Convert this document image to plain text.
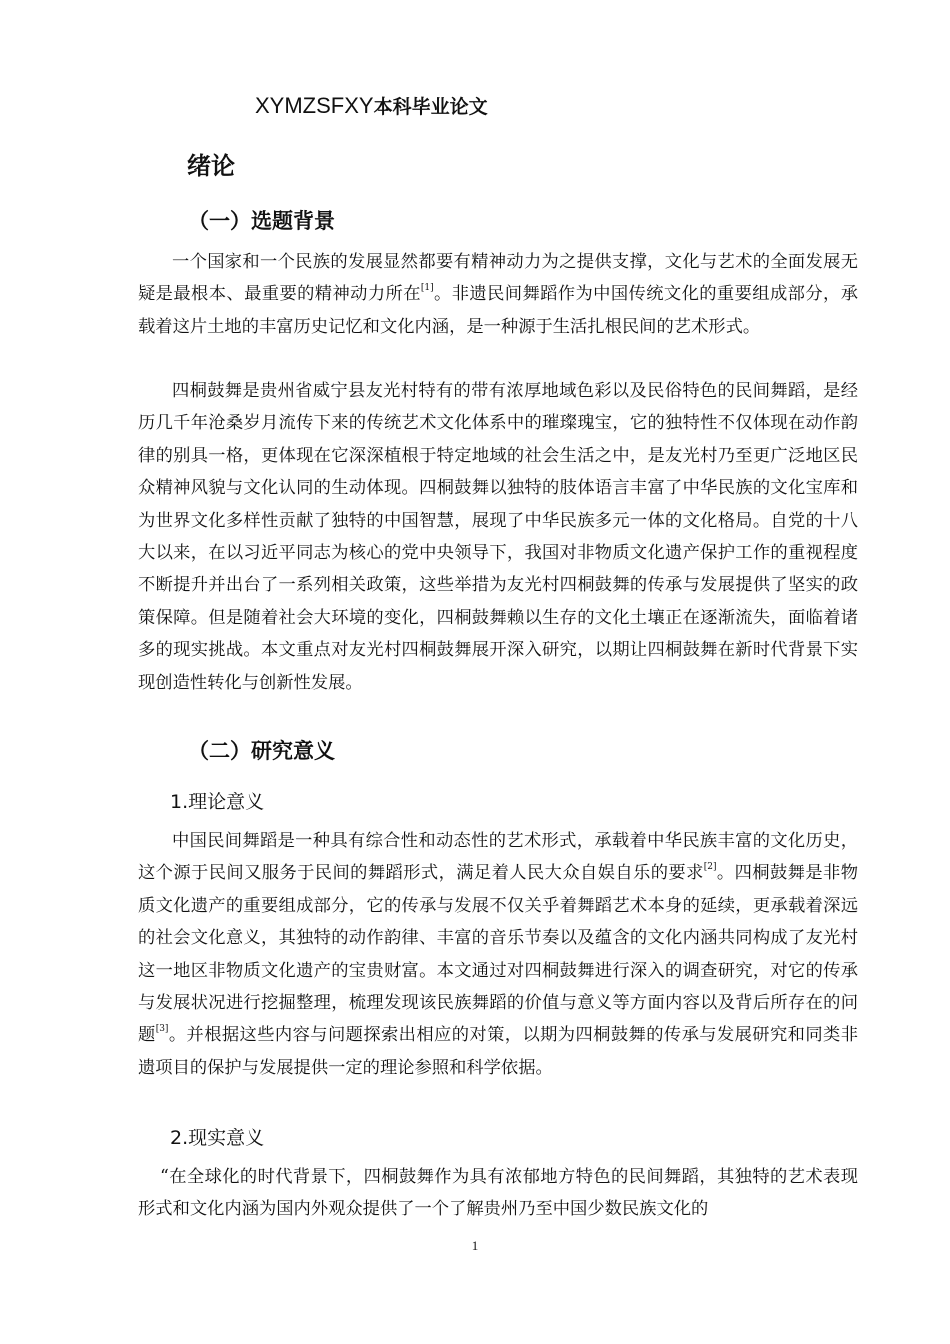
XYMZSFXY本科毕业论文
绪论
（一）选题背景

一个国家和一个民族的发展显然都要有精神动力为之提供支撑，文化与艺术的全面发展无疑是最根本、最重要的精神动力所在[1]。非遗民间舞蹈作为中国传统文化的重要组成部分，承载着这片土地的丰富历史记忆和文化内涵，是一种源于生活扎根民间的艺术形式。

四桐鼓舞是贵州省威宁县友光村特有的带有浓厚地域色彩以及民俗特色的民间舞蹈，是经历几千年沧桑岁月流传下来的传统艺术文化体系中的璀璨瑰宝，它的独特性不仅体现在动作韵律的别具一格，更体现在它深深植根于特定地域的社会生活之中，是友光村乃至更广泛地区民众精神风貌与文化认同的生动体现。四桐鼓舞以独特的肢体语言丰富了中华民族的文化宝库和为世界文化多样性贡献了独特的中国智慧，展现了中华民族多元一体的文化格局。自党的十八大以来，在以习近平同志为核心的党中央领导下，我国对非物质文化遗产保护工作的重视程度不断提升并出台了一系列相关政策，这些举措为友光村四桐鼓舞的传承与发展提供了坚实的政策保障。但是随着社会大环境的变化，四桐鼓舞赖以生存的文化土壤正在逐渐流失，面临着诸多的现实挑战。本文重点对友光村四桐鼓舞展开深入研究，以期让四桐鼓舞在新时代背景下实现创造性转化与创新性发展。

（二）研究意义
1.理论意义

中国民间舞蹈是一种具有综合性和动态性的艺术形式，承载着中华民族丰富的文化历史，这个源于民间又服务于民间的舞蹈形式，满足着人民大众自娱自乐的要求[2]。四桐鼓舞是非物质文化遗产的重要组成部分，它的传承与发展不仅关乎着舞蹈艺术本身的延续，更承载着深远的社会文化意义，其独特的动作韵律、丰富的音乐节奏以及蕴含的文化内涵共同构成了友光村这一地区非物质文化遗产的宝贵财富。本文通过对四桐鼓舞进行深入的调查研究，对它的传承与发展状况进行挖掘整理，梳理发现该民族舞蹈的价值与意义等方面内容以及背后所存在的问题[3]。并根据这些内容与问题探索出相应的对策，以期为四桐鼓舞的传承与发展研究和同类非遗项目的保护与发展提供一定的理论参照和科学依据。

2.现实意义

“在全球化的时代背景下，四桐鼓舞作为具有浓郁地方特色的民间舞蹈，其独特的艺术表现形式和文化内涵为国内外观众提供了一个了解贵州乃至中国少数民族文化的

1
